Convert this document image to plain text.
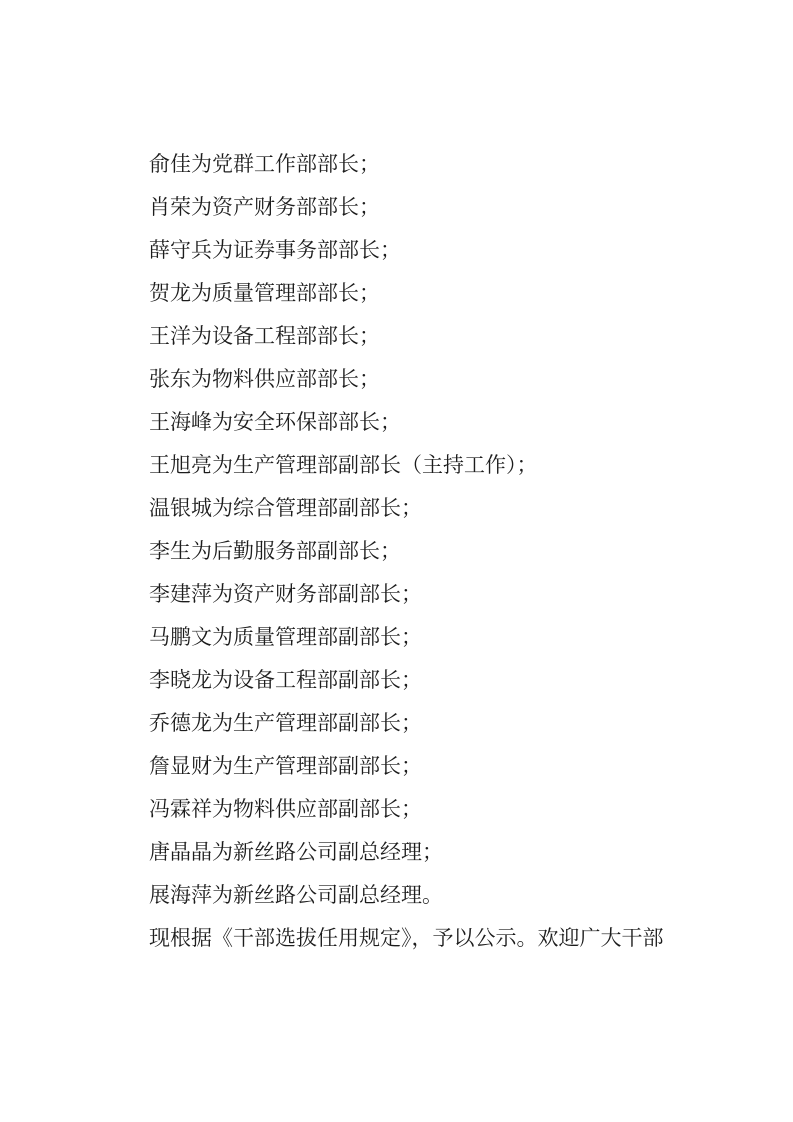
俞佳为党群工作部部长；

肖荣为资产财务部部长；

薛守兵为证券事务部部长；

贺龙为质量管理部部长；

王洋为设备工程部部长；

张东为物料供应部部长；

王海峰为安全环保部部长；

王旭亮为生产管理部副部长（主持工作）；

温银城为综合管理部副部长；

李生为后勤服务部副部长；

李建萍为资产财务部副部长；

马鹏文为质量管理部副部长；

李晓龙为设备工程部副部长；

乔德龙为生产管理部副部长；

詹显财为生产管理部副部长；

冯霖祥为物料供应部副部长；

唐晶晶为新丝路公司副总经理；

展海萍为新丝路公司副总经理。

现根据《干部选拔任用规定》，予以公示。欢迎广大干部
